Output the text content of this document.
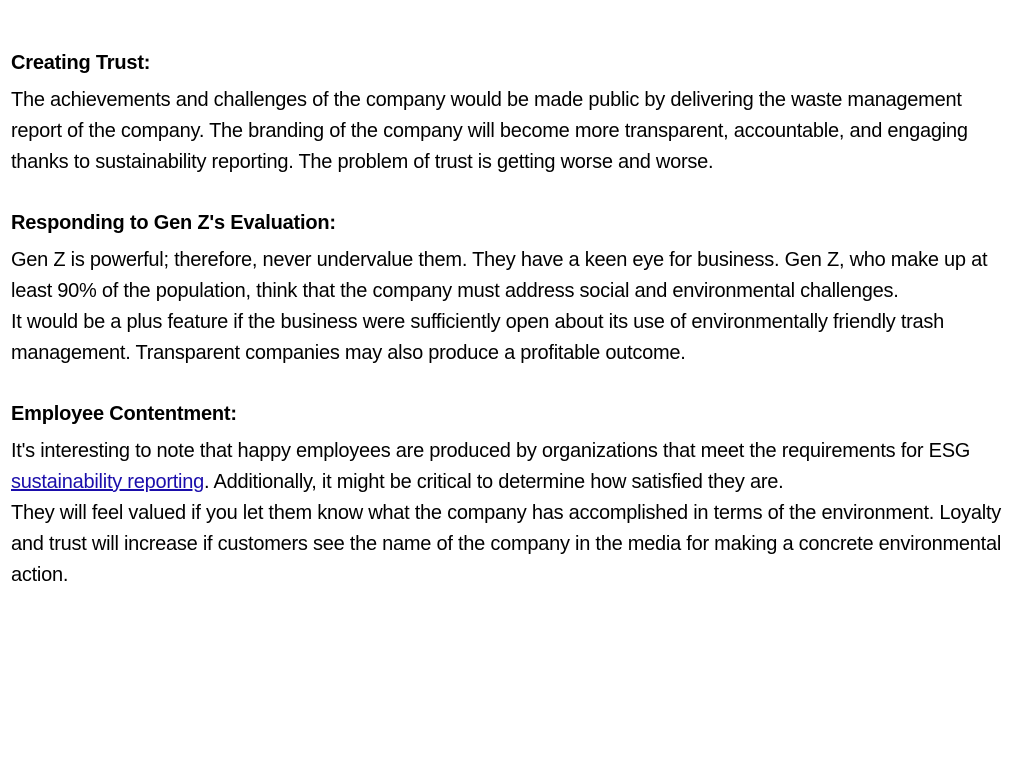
Creating Trust:

The achievements and challenges of the company would be made public by delivering the waste management report of the company. The branding of the company will become more transparent, accountable, and engaging thanks to sustainability reporting. The problem of trust is getting worse and worse.

Responding to Gen Z's Evaluation:

Gen Z is powerful; therefore, never undervalue them. They have a keen eye for business. Gen Z, who make up at least 90% of the population, think that the company must address social and environmental challenges.

It would be a plus feature if the business were sufficiently open about its use of environmentally friendly trash management. Transparent companies may also produce a profitable outcome.

Employee Contentment:

It's interesting to note that happy employees are produced by organizations that meet the requirements for ESG sustainability reporting. Additionally, it might be critical to determine how satisfied they are.

They will feel valued if you let them know what the company has accomplished in terms of the environment. Loyalty and trust will increase if customers see the name of the company in the media for making a concrete environmental action.
